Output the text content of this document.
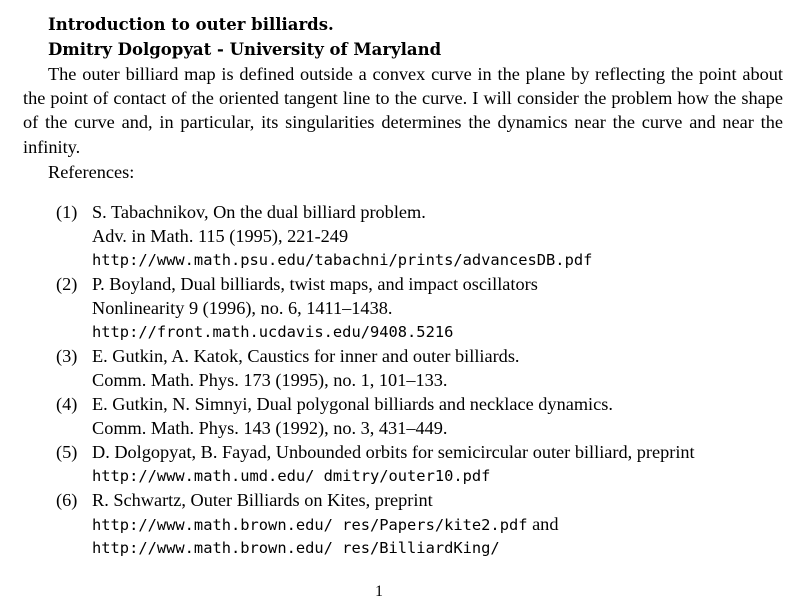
Introduction to outer billiards.
Dmitry Dolgopyat - University of Maryland

The outer billiard map is defined outside a convex curve in the plane by reflecting the point about the point of contact of the oriented tangent line to the curve. I will consider the problem how the shape of the curve and, in particular, its singularities determines the dynamics near the curve and near the infinity.

References:
(1) S. Tabachnikov, On the dual billiard problem.
Adv. in Math. 115 (1995), 221-249
http://www.math.psu.edu/tabachni/prints/advancesDB.pdf
(2) P. Boyland, Dual billiards, twist maps, and impact oscillators
Nonlinearity 9 (1996), no. 6, 1411–1438.
http://front.math.ucdavis.edu/9408.5216
(3) E. Gutkin, A. Katok, Caustics for inner and outer billiards.
Comm. Math. Phys. 173 (1995), no. 1, 101–133.
(4) E. Gutkin, N. Simnyi, Dual polygonal billiards and necklace dynamics.
Comm. Math. Phys. 143 (1992), no. 3, 431–449.
(5) D. Dolgopyat, B. Fayad, Unbounded orbits for semicircular outer billiard, preprint
http://www.math.umd.edu/ dmitry/outer10.pdf
(6) R. Schwartz, Outer Billiards on Kites, preprint
http://www.math.brown.edu/ res/Papers/kite2.pdf and
http://www.math.brown.edu/ res/BilliardKing/
1
